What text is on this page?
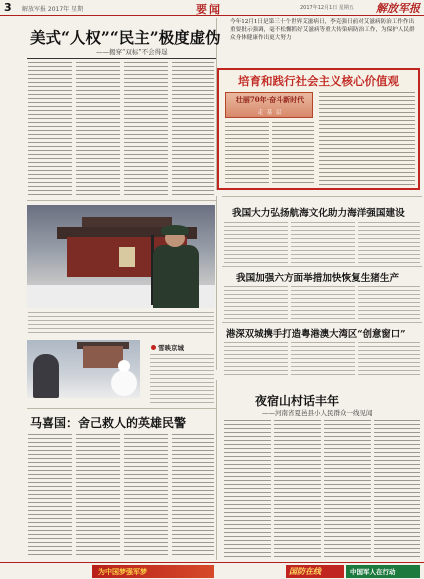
3 解放军报 2017年 星期	要闻	2017年12月1日 星期五 解放军报
美式“人权”“民主”极度虚伪
——揭穿“双标”不会得逞
今年12月1日是第三十个世界艾滋病日，李克强日前对艾滋病防治工作作出重要批示强调，毫不松懈抓好艾滋病等重大传染病防治工作，为保护人民群众身体健康作出更大努力
培育和践行社会主义核心价值观
壮丽70年·奋斗新时代
走 基 层
我国大力弘扬航海文化助力海洋强国建设
我国加强六方面举措加快恢复生猪生产
港深双城携手打造粤港澳大湾区“创意窗口”
雪映京城
马喜国：舍己救人的英雄民警
夜宿山村话丰年
——河南省夏邑县小人民群众一线见闻
为中国梦强军梦	国防在线	中国军人在行动
